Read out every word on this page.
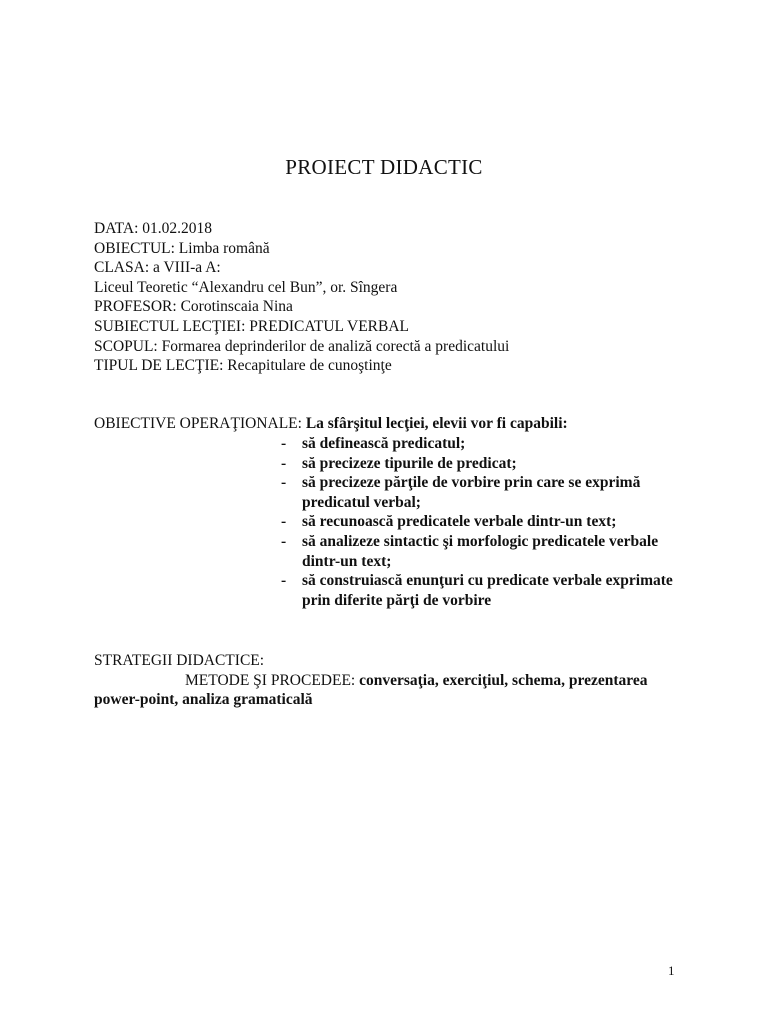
PROIECT DIDACTIC
DATA: 01.02.2018
OBIECTUL: Limba română
CLASA: a VIII-a A:
Liceul Teoretic “Alexandru cel Bun”, or. Sîngera
PROFESOR: Corotinscaia Nina
SUBIECTUL LECŢIEI: PREDICATUL VERBAL
SCOPUL: Formarea deprinderilor de analiză corectă a predicatului
TIPUL DE LECŢIE: Recapitulare de cunoştinţe
OBIECTIVE OPERAŢIONALE: La sfârşitul lecţiei, elevii vor fi capabili:
- să definească predicatul;
- să precizeze tipurile de predicat;
- să precizeze părţile de vorbire prin care se exprimă predicatul verbal;
- să recunoască predicatele verbale dintr-un text;
- să analizeze sintactic şi morfologic predicatele verbale dintr-un text;
- să construiască enunţuri cu predicate verbale exprimate prin diferite părţi de vorbire
STRATEGII DIDACTICE:
METODE ŞI PROCEDEE: conversaţia, exerciţiul, schema, prezentarea power-point, analiza gramaticală
1
